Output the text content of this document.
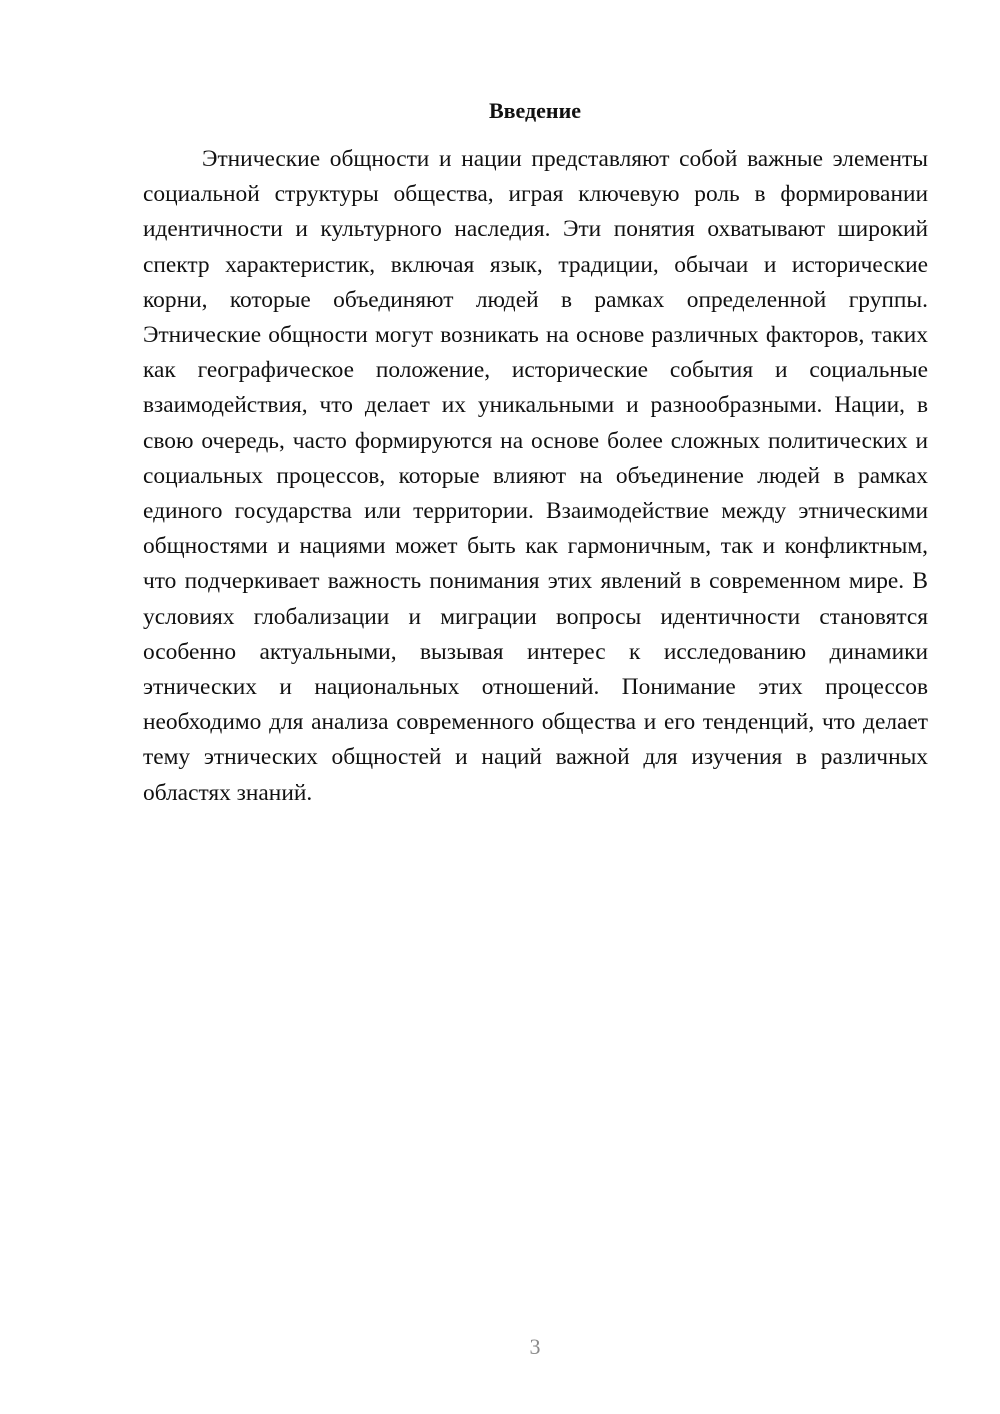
Введение

Этнические общности и нации представляют собой важные элементы социальной структуры общества, играя ключевую роль в формировании идентичности и культурного наследия. Эти понятия охватывают широкий спектр характеристик, включая язык, традиции, обычаи и исторические корни, которые объединяют людей в рамках определенной группы. Этнические общности могут возникать на основе различных факторов, таких как географическое положение, исторические события и социальные взаимодействия, что делает их уникальными и разнообразными. Нации, в свою очередь, часто формируются на основе более сложных политических и социальных процессов, которые влияют на объединение людей в рамках единого государства или территории. Взаимодействие между этническими общностями и нациями может быть как гармоничным, так и конфликтным, что подчеркивает важность понимания этих явлений в современном мире. В условиях глобализации и миграции вопросы идентичности становятся особенно актуальными, вызывая интерес к исследованию динамики этнических и национальных отношений. Понимание этих процессов необходимо для анализа современного общества и его тенденций, что делает тему этнических общностей и наций важной для изучения в различных областях знаний.

3
